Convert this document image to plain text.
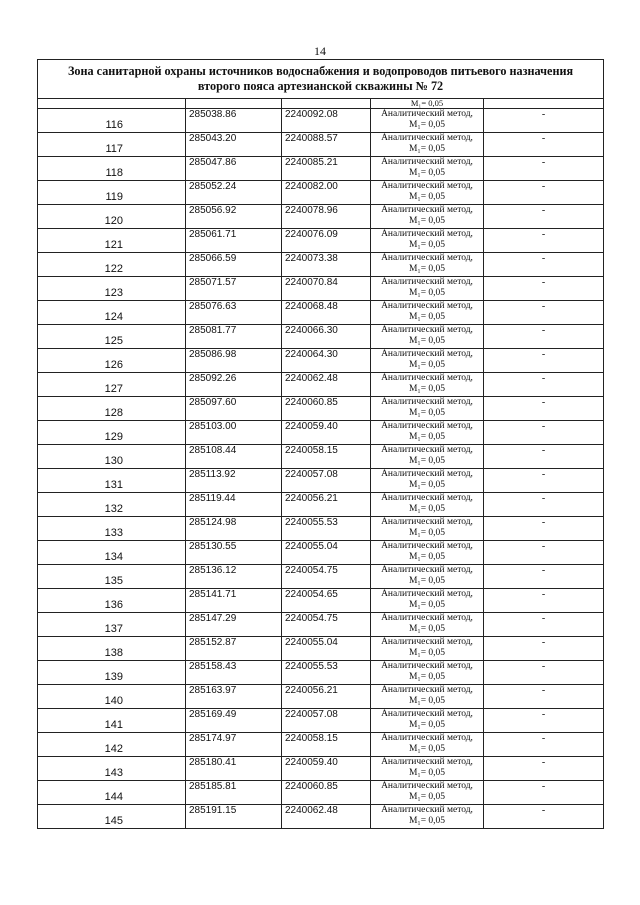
14
Зона санитарной охраны источников водоснабжения и водопроводов питьевого назначения
второго пояса артезианской скважины № 72				

			M₁= 0,05	

116	285038.86	2240092.08	Аналитический метод,
M₁= 0,05	-
117	285043.20	2240088.57	Аналитический метод,
M₁= 0,05	-
118	285047.86	2240085.21	Аналитический метод,
M₁= 0,05	-
119	285052.24	2240082.00	Аналитический метод,
M₁= 0,05	-
120	285056.92	2240078.96	Аналитический метод,
M₁= 0,05	-
121	285061.71	2240076.09	Аналитический метод,
M₁= 0,05	-
122	285066.59	2240073.38	Аналитический метод,
M₁= 0,05	-
123	285071.57	2240070.84	Аналитический метод,
M₁= 0,05	-
124	285076.63	2240068.48	Аналитический метод,
M₁= 0,05	-
125	285081.77	2240066.30	Аналитический метод,
M₁= 0,05	-
126	285086.98	2240064.30	Аналитический метод,
M₁= 0,05	-
127	285092.26	2240062.48	Аналитический метод,
M₁= 0,05	-
128	285097.60	2240060.85	Аналитический метод,
M₁= 0,05	-
129	285103.00	2240059.40	Аналитический метод,
M₁= 0,05	-
130	285108.44	2240058.15	Аналитический метод,
M₁= 0,05	-
131	285113.92	2240057.08	Аналитический метод,
M₁= 0,05	-
132	285119.44	2240056.21	Аналитический метод,
M₁= 0,05	-
133	285124.98	2240055.53	Аналитический метод,
M₁= 0,05	-
134	285130.55	2240055.04	Аналитический метод,
M₁= 0,05	-
135	285136.12	2240054.75	Аналитический метод,
M₁= 0,05	-
136	285141.71	2240054.65	Аналитический метод,
M₁= 0,05	-
137	285147.29	2240054.75	Аналитический метод,
M₁= 0,05	-
138	285152.87	2240055.04	Аналитический метод,
M₁= 0,05	-
139	285158.43	2240055.53	Аналитический метод,
M₁= 0,05	-
140	285163.97	2240056.21	Аналитический метод,
M₁= 0,05	-
141	285169.49	2240057.08	Аналитический метод,
M₁= 0,05	-
142	285174.97	2240058.15	Аналитический метод,
M₁= 0,05	-
143	285180.41	2240059.40	Аналитический метод,
M₁= 0,05	-
144	285185.81	2240060.85	Аналитический метод,
M₁= 0,05	-
145	285191.15	2240062.48	Аналитический метод,
M₁= 0,05	-
